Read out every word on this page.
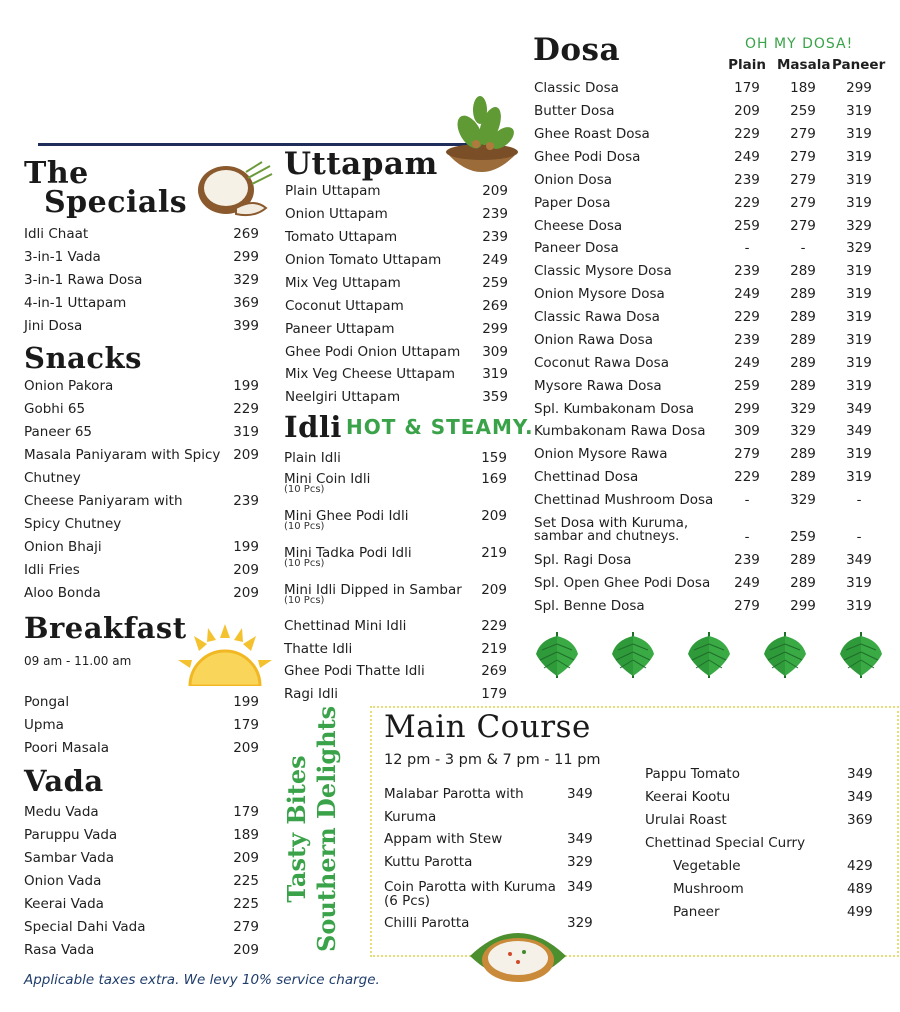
The
Specials
Idli Chaat	269
3-in-1 Vada	299
3-in-1 Rawa Dosa	329
4-in-1 Uttapam	369
Jini Dosa	399
Snacks
Onion Pakora	199
Gobhi 65	229
Paneer 65	319
Masala Paniyaram with Spicy 209
Chutney
Cheese Paniyaram with	239
Spicy Chutney
Onion Bhaji	199
Idli Fries	209
Aloo Bonda	209
Breakfast
09 am - 11.00 am
Pongal	199
Upma	179
Poori Masala	209
Vada
Medu Vada	179
Paruppu Vada	189
Sambar Vada	209
Onion Vada	225
Keerai Vada	225
Special Dahi Vada	279
Rasa Vada	209
Applicable taxes extra. We levy 10% service charge.
Uttapam
Plain Uttapam	209
Onion Uttapam	239
Tomato Uttapam	239
Onion Tomato Uttapam	249
Mix Veg Uttapam	259
Coconut Uttapam	269
Paneer Uttapam	299
Ghee Podi Onion Uttapam 309
Mix Veg Cheese Uttapam 319
Neelgiri Uttapam	359
Idli HOT & STEAMY.
Plain Idli	159
Mini Coin Idli	169
(10 Pcs)
Mini Ghee Podi Idli	209
(10 Pcs)
Mini Tadka Podi Idli	219
(10 Pcs)
Mini Idli Dipped in Sambar 209
(10 Pcs)
Chettinad Mini Idli	229
Thatte Idli	219
Ghee Podi Thatte Idli	269
Ragi Idli	179
Dosa	OH MY DOSA!
Plain Masala Paneer
Classic Dosa	179	189	299
Butter Dosa	209	259	319
Ghee Roast Dosa	229	279	319
Ghee Podi Dosa	249	279	319
Onion Dosa	239	279	319
Paper Dosa	229	279	319
Cheese Dosa	259	279	329
Paneer Dosa	-	-	329
Classic Mysore Dosa	239	289	319
Onion Mysore Dosa	249	289	319
Classic Rawa Dosa	229	289	319
Onion Rawa Dosa	239	289	319
Coconut Rawa Dosa	249	289	319
Mysore Rawa Dosa	259	289	319
Spl. Kumbakonam Dosa	299	329	349
Kumbakonam Rawa Dosa	309	329	349
Onion Mysore Rawa	279	289	319
Chettinad Dosa	229	289	319
Chettinad Mushroom Dosa	-	329	-
Set Dosa with Kuruma,
sambar and chutneys.	-	259	-
Spl. Ragi Dosa	239	289	349
Spl. Open Ghee Podi Dosa	249	289	319
Spl. Benne Dosa	279	299	319
Tasty Bites Southern Delights Main Course
12 pm - 3 pm & 7 pm - 11 pm
Malabar Parotta with	349
Kuruma
Appam with Stew	349
Kuttu Parotta	329
Coin Parotta with Kuruma 349
(6 Pcs)
Chilli Parotta	329
Pappu Tomato	349
Keerai Kootu	349
Urulai Roast	369
Chettinad Special Curry
Vegetable	429
Mushroom	489
Paneer	499
